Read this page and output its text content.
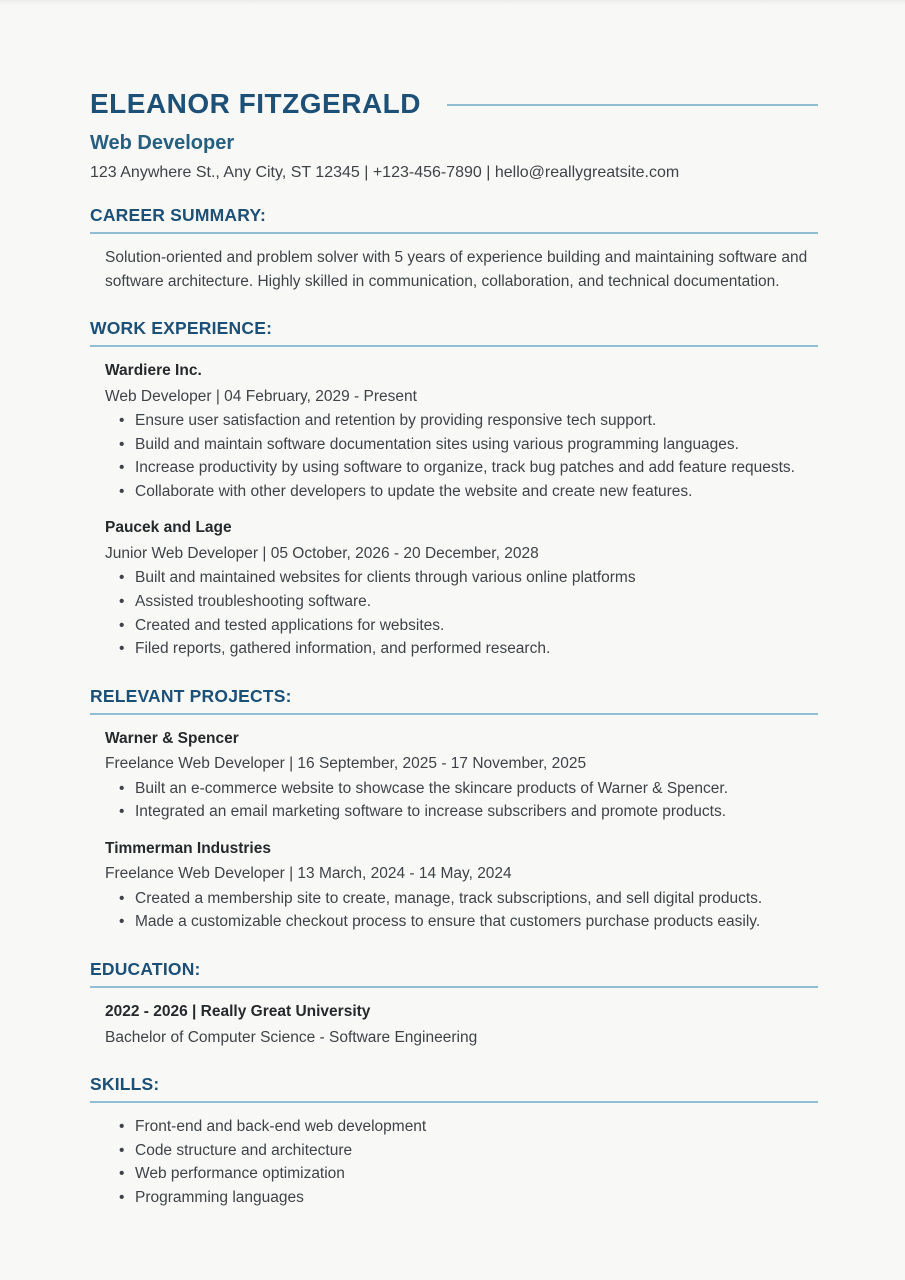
ELEANOR FITZGERALD
Web Developer
123 Anywhere St., Any City, ST 12345 | +123-456-7890 | hello@reallygreatsite.com
CAREER SUMMARY:

Solution-oriented and problem solver with 5 years of experience building and maintaining software and software architecture. Highly skilled in communication, collaboration, and technical documentation.

WORK EXPERIENCE:
Wardiere Inc.
Web Developer | 04 February, 2029 - Present
• Ensure user satisfaction and retention by providing responsive tech support.
• Build and maintain software documentation sites using various programming languages.
• Increase productivity by using software to organize, track bug patches and add feature requests.
• Collaborate with other developers to update the website and create new features.
Paucek and Lage
Junior Web Developer | 05 October, 2026 - 20 December, 2028
• Built and maintained websites for clients through various online platforms
• Assisted troubleshooting software.
• Created and tested applications for websites.
• Filed reports, gathered information, and performed research.
RELEVANT PROJECTS:
Warner & Spencer
Freelance Web Developer | 16 September, 2025 - 17 November, 2025
• Built an e-commerce website to showcase the skincare products of Warner & Spencer.
• Integrated an email marketing software to increase subscribers and promote products.
Timmerman Industries
Freelance Web Developer | 13 March, 2024 - 14 May, 2024
• Created a membership site to create, manage, track subscriptions, and sell digital products.
• Made a customizable checkout process to ensure that customers purchase products easily.
EDUCATION:
2022 - 2026 | Really Great University
Bachelor of Computer Science - Software Engineering
SKILLS:
• Front-end and back-end web development
• Code structure and architecture
• Web performance optimization
• Programming languages
